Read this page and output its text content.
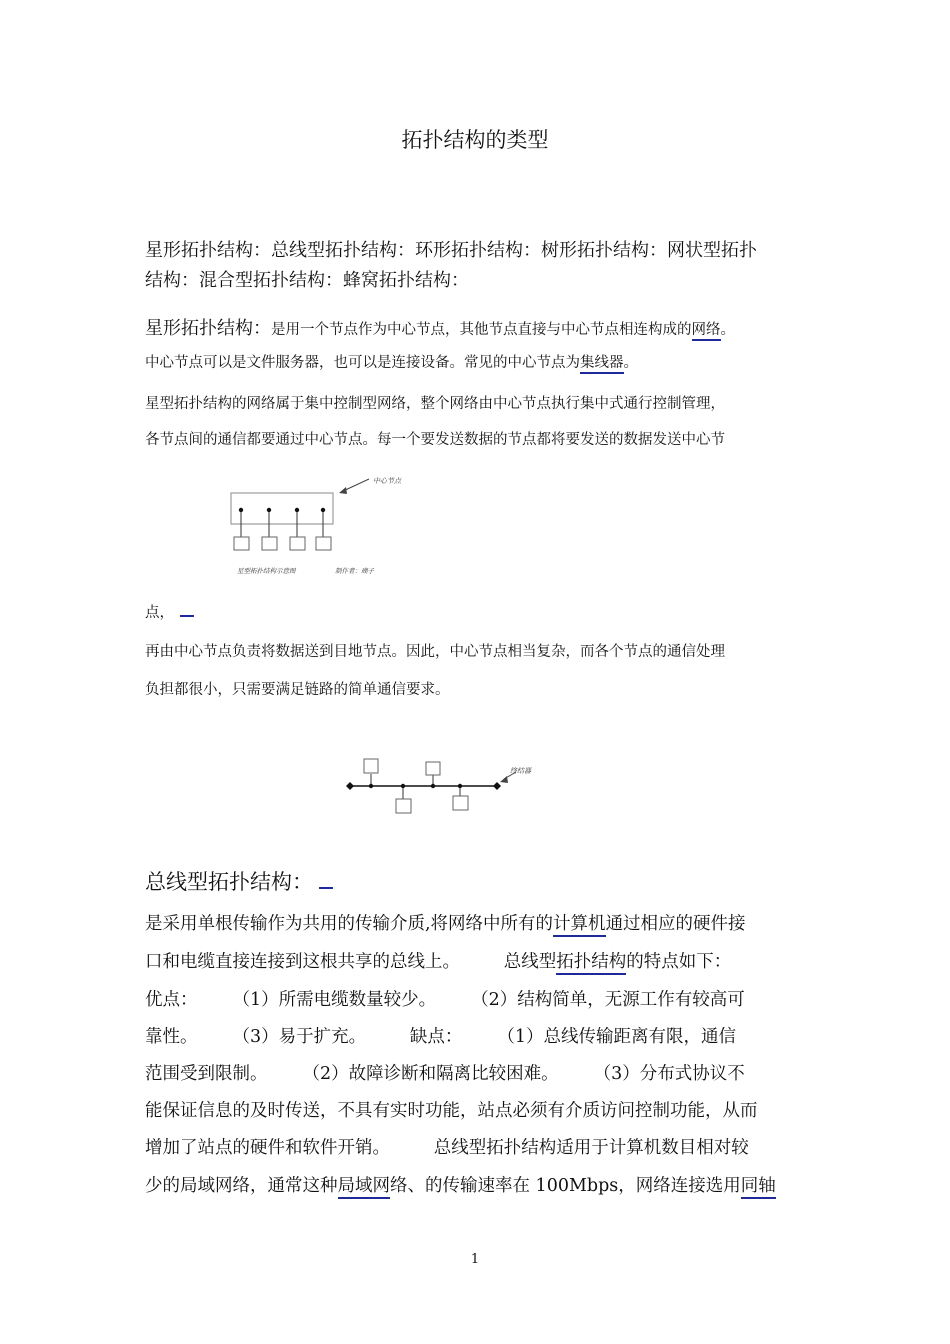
拓扑结构的类型
星形拓扑结构：总线型拓扑结构：环形拓扑结构：树形拓扑结构：网状型拓扑
结构：混合型拓扑结构：蜂窝拓扑结构：
星形拓扑结构：是用一个节点作为中心节点，其他节点直接与中心节点相连构成的网络。
中心节点可以是文件服务器，也可以是连接设备。常见的中心节点为集线器。
星型拓扑结构的网络属于集中控制型网络，整个网络由中心节点执行集中式通行控制管理，
各节点间的通信都要通过中心节点。每一个要发送数据的节点都将要发送的数据发送中心节
中心节点
星型拓扑结构示意图	制作者：瑚子
点，
再由中心节点负责将数据送到目地节点。因此，中心节点相当复杂，而各个节点的通信处理
负担都很小，只需要满足链路的简单通信要求。
终结器
总线型拓扑结构：
是采用单根传输作为共用的传输介质,将网络中所有的计算机通过相应的硬件接
口和电缆直接连接到这根共享的总线上。　　　总线型拓扑结构的特点如下：
优点：　　　（1）所需电缆数量较少。　　　（2）结构简单，无源工作有较高可
靠性。　　　（3）易于扩充。　　　缺点：　　　（1）总线传输距离有限，通信
范围受到限制。　　　（2）故障诊断和隔离比较困难。　　　（3）分布式协议不
能保证信息的及时传送，不具有实时功能，站点必须有介质访问控制功能，从而
增加了站点的硬件和软件开销。　　　总线型拓扑结构适用于计算机数目相对较
少的局域网络，通常这种局域网络、的传输速率在 100Mbps，网络连接选用同轴
1
